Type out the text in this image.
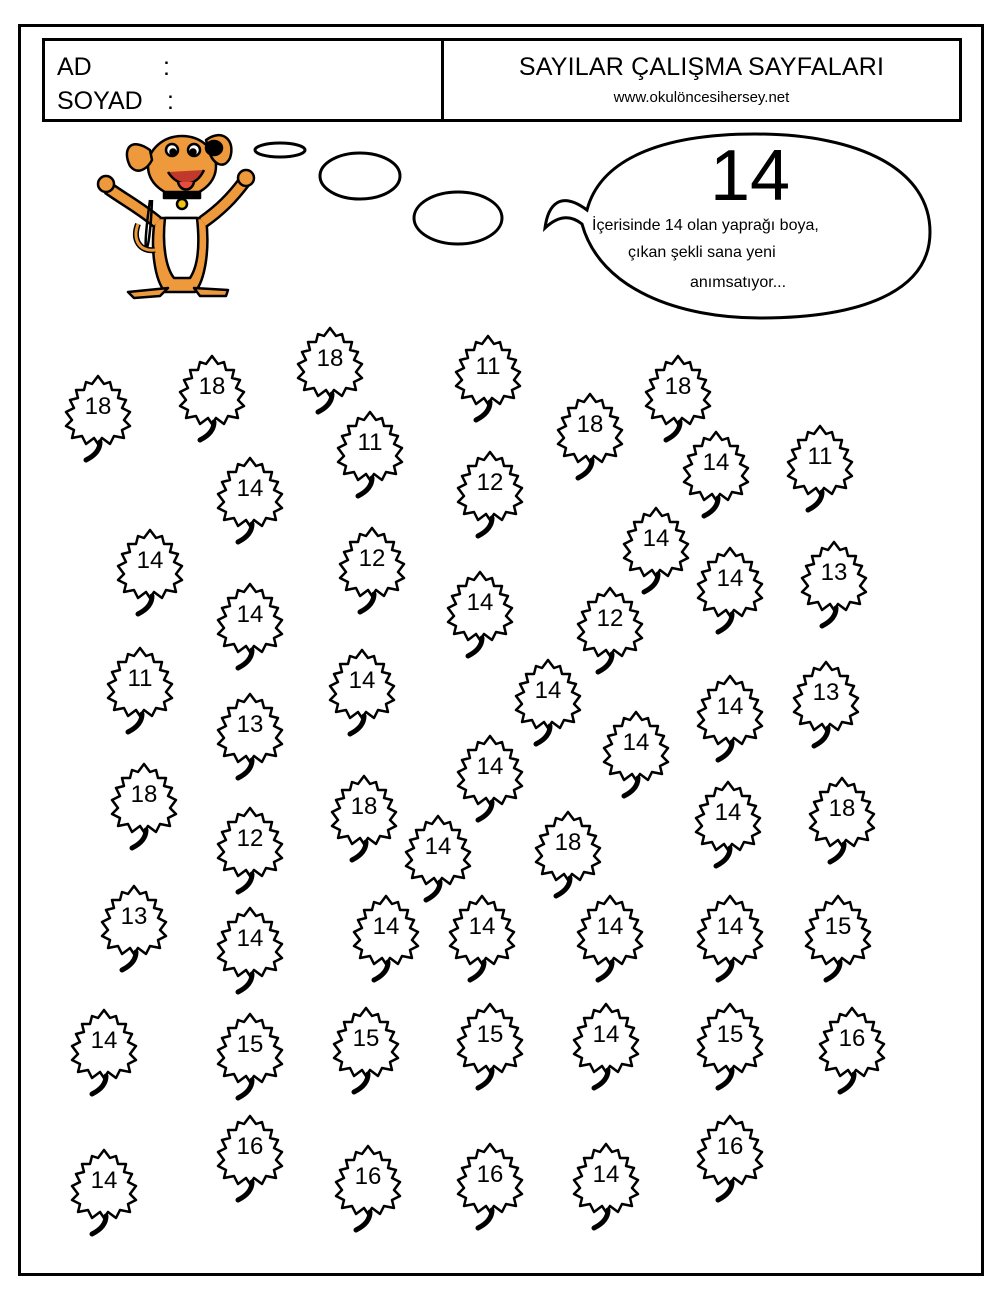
AD	:
SOYAD :
SAYILAR ÇALIŞMA SAYFALARI
www.okulöncesihersey.net
14
İçerisinde 14 olan yaprağı boya,
çıkan şekli sana yeni
anımsatıyor...
18
18
18	11
18
18
11
14
14	11
12
14
14
14
12
14	13
14
12
11
13
14	14
14
13
14
14
18
12
18
14	18
14	18
13
14	14	14	14	14	15
14	15	15	15	14	15	16
14
16
16	16	14
16
